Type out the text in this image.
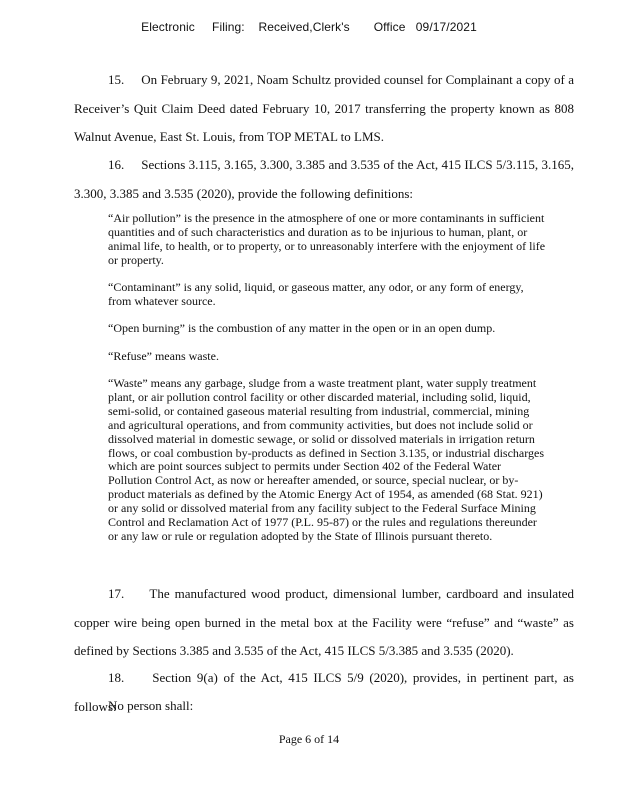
Electronic     Filing:    Received,Clerk's       Office   09/17/2021

15.     On February 9, 2021, Noam Schultz provided counsel for Complainant a copy of a Receiver’s Quit Claim Deed dated February 10, 2017 transferring the property known as 808 Walnut Avenue, East St. Louis, from TOP METAL to LMS.

16.     Sections 3.115, 3.165, 3.300, 3.385 and 3.535 of the Act, 415 ILCS 5/3.115, 3.165, 3.300, 3.385 and 3.535 (2020), provide the following definitions:

“Air pollution” is the presence in the atmosphere of one or more contaminants in sufficient quantities and of such characteristics and duration as to be injurious to human, plant, or animal life, to health, or to property, or to unreasonably interfere with the enjoyment of life or property.

“Contaminant” is any solid, liquid, or gaseous matter, any odor, or any form of energy, from whatever source.

“Open burning” is the combustion of any matter in the open or in an open dump.

“Refuse” means waste.

“Waste” means any garbage, sludge from a waste treatment plant, water supply treatment plant, or air pollution control facility or other discarded material, including solid, liquid, semi-solid, or contained gaseous material resulting from industrial, commercial, mining and agricultural operations, and from community activities, but does not include solid or dissolved material in domestic sewage, or solid or dissolved materials in irrigation return flows, or coal combustion by-products as defined in Section 3.135, or industrial discharges which are point sources subject to permits under Section 402 of the Federal Water Pollution Control Act, as now or hereafter amended, or source, special nuclear, or by-product materials as defined by the Atomic Energy Act of 1954, as amended (68 Stat. 921) or any solid or dissolved material from any facility subject to the Federal Surface Mining Control and Reclamation Act of 1977 (P.L. 95-87) or the rules and regulations thereunder or any law or rule or regulation adopted by the State of Illinois pursuant thereto.

17.     The manufactured wood product, dimensional lumber, cardboard and insulated copper wire being open burned in the metal box at the Facility were “refuse” and “waste” as defined by Sections 3.385 and 3.535 of the Act, 415 ILCS 5/3.385 and 3.535 (2020).

18.     Section 9(a) of the Act, 415 ILCS 5/9 (2020), provides, in pertinent part, as follows:

No person shall:

Page 6 of 14
